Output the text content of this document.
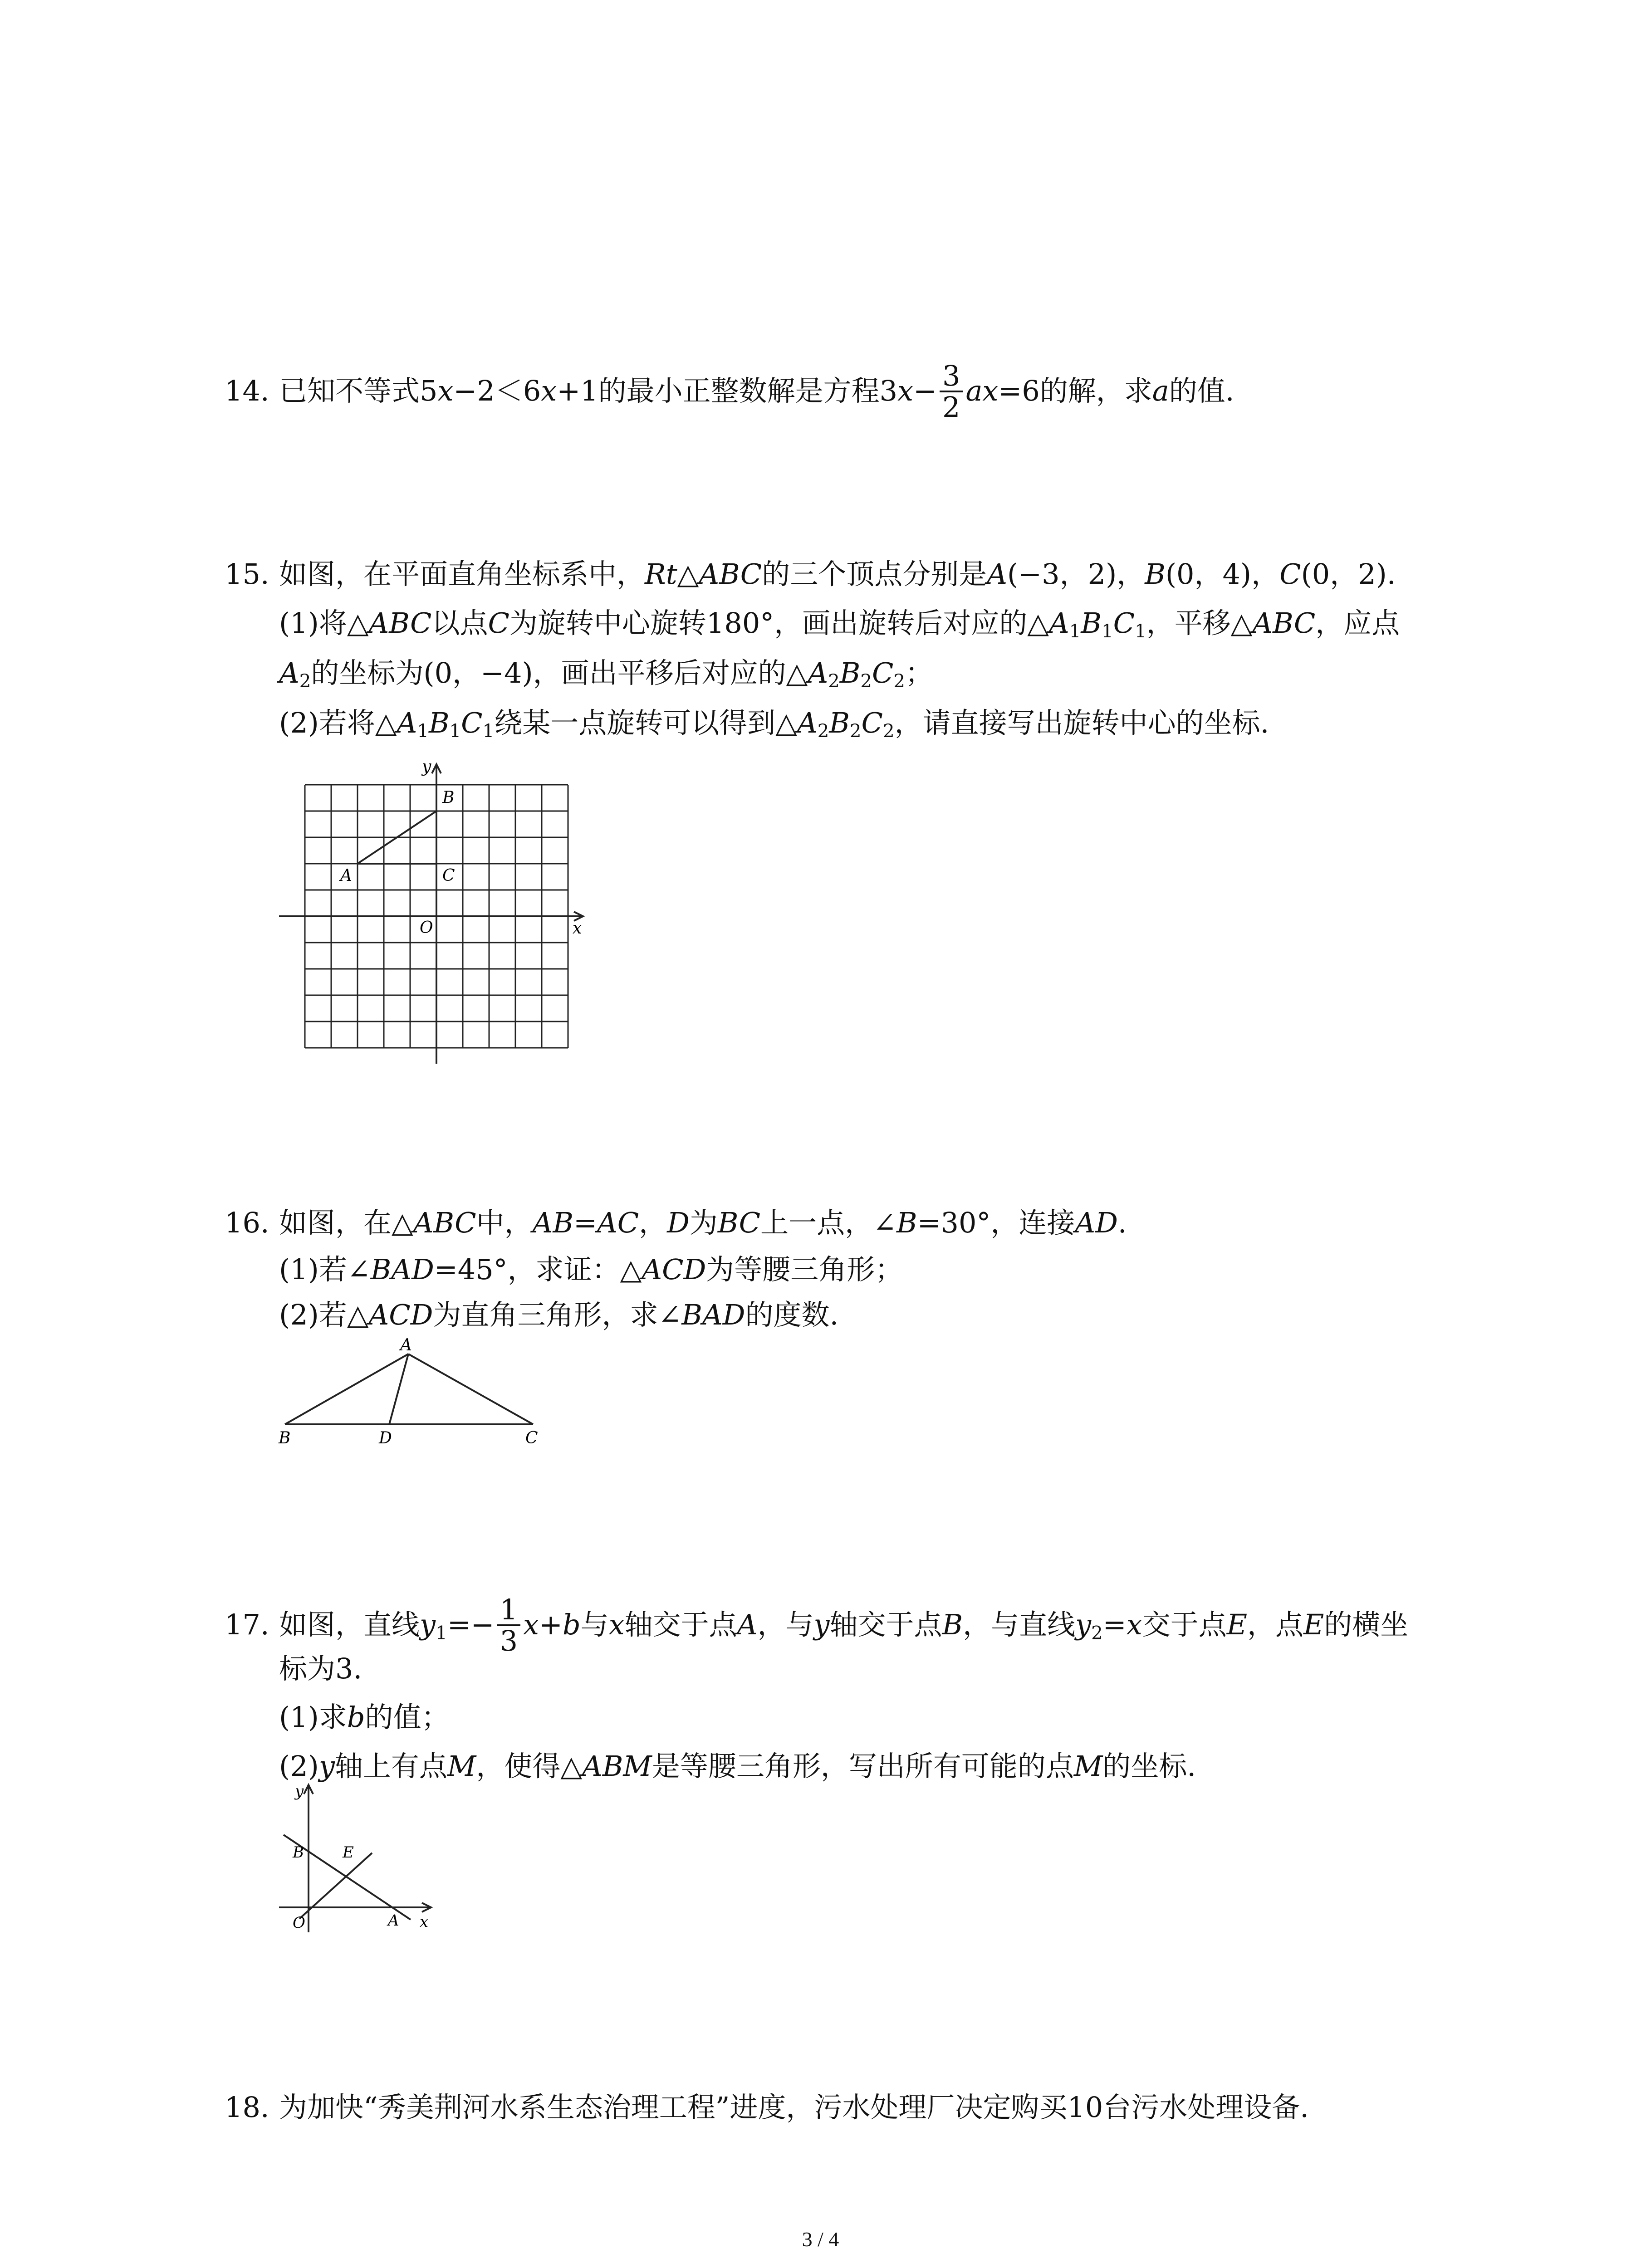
14. 已知不等式5x−2＜6x+1的最小正整数解是方程$3x- \frac{3}{2} ax=6$的解，求a的值.
15. 如图，在平面直角坐标系中，Rt△ABC的三个顶点分别是A(−3，2)，B(0，4)，C(0，2).
(1)将△ABC以点C为旋转中心旋转180°，画出旋转后对应的$\triangle A_1B_1C_1$，平移△ABC，应点
$A_2$的坐标为(0，−4)，画出平移后对应的$\triangle A_2B_2C_2$；
(2)若将$\triangle A_1B_1C_1$绕某一点旋转可以得到$\triangle A_2B_2C_2$，请直接写出旋转中心的坐标.
x
y
O
A
B
C
16. 如图，在△ABC中，AB=AC，D为BC上一点，∠B=30°，连接AD.
(1)若∠BAD=45°，求证：△ACD为等腰三角形；
(2)若△ACD为直角三角形，求∠BAD的度数.
A
B	D	C
17. 如图，直线$y_1=- \frac{1}{3} x+b$与x轴交于点A，与y轴交于点B，与直线$y_2=x$交于点E，点E的横坐
标为3.
(1)求b的值；
(2)y轴上有点M，使得△ABM是等腰三角形，写出所有可能的点M的坐标.
y
x
O	A
B	E
18. 为加快“秀美荆河水系生态治理工程”进度，污水处理厂决定购买10台污水处理设备.
3 / 4
